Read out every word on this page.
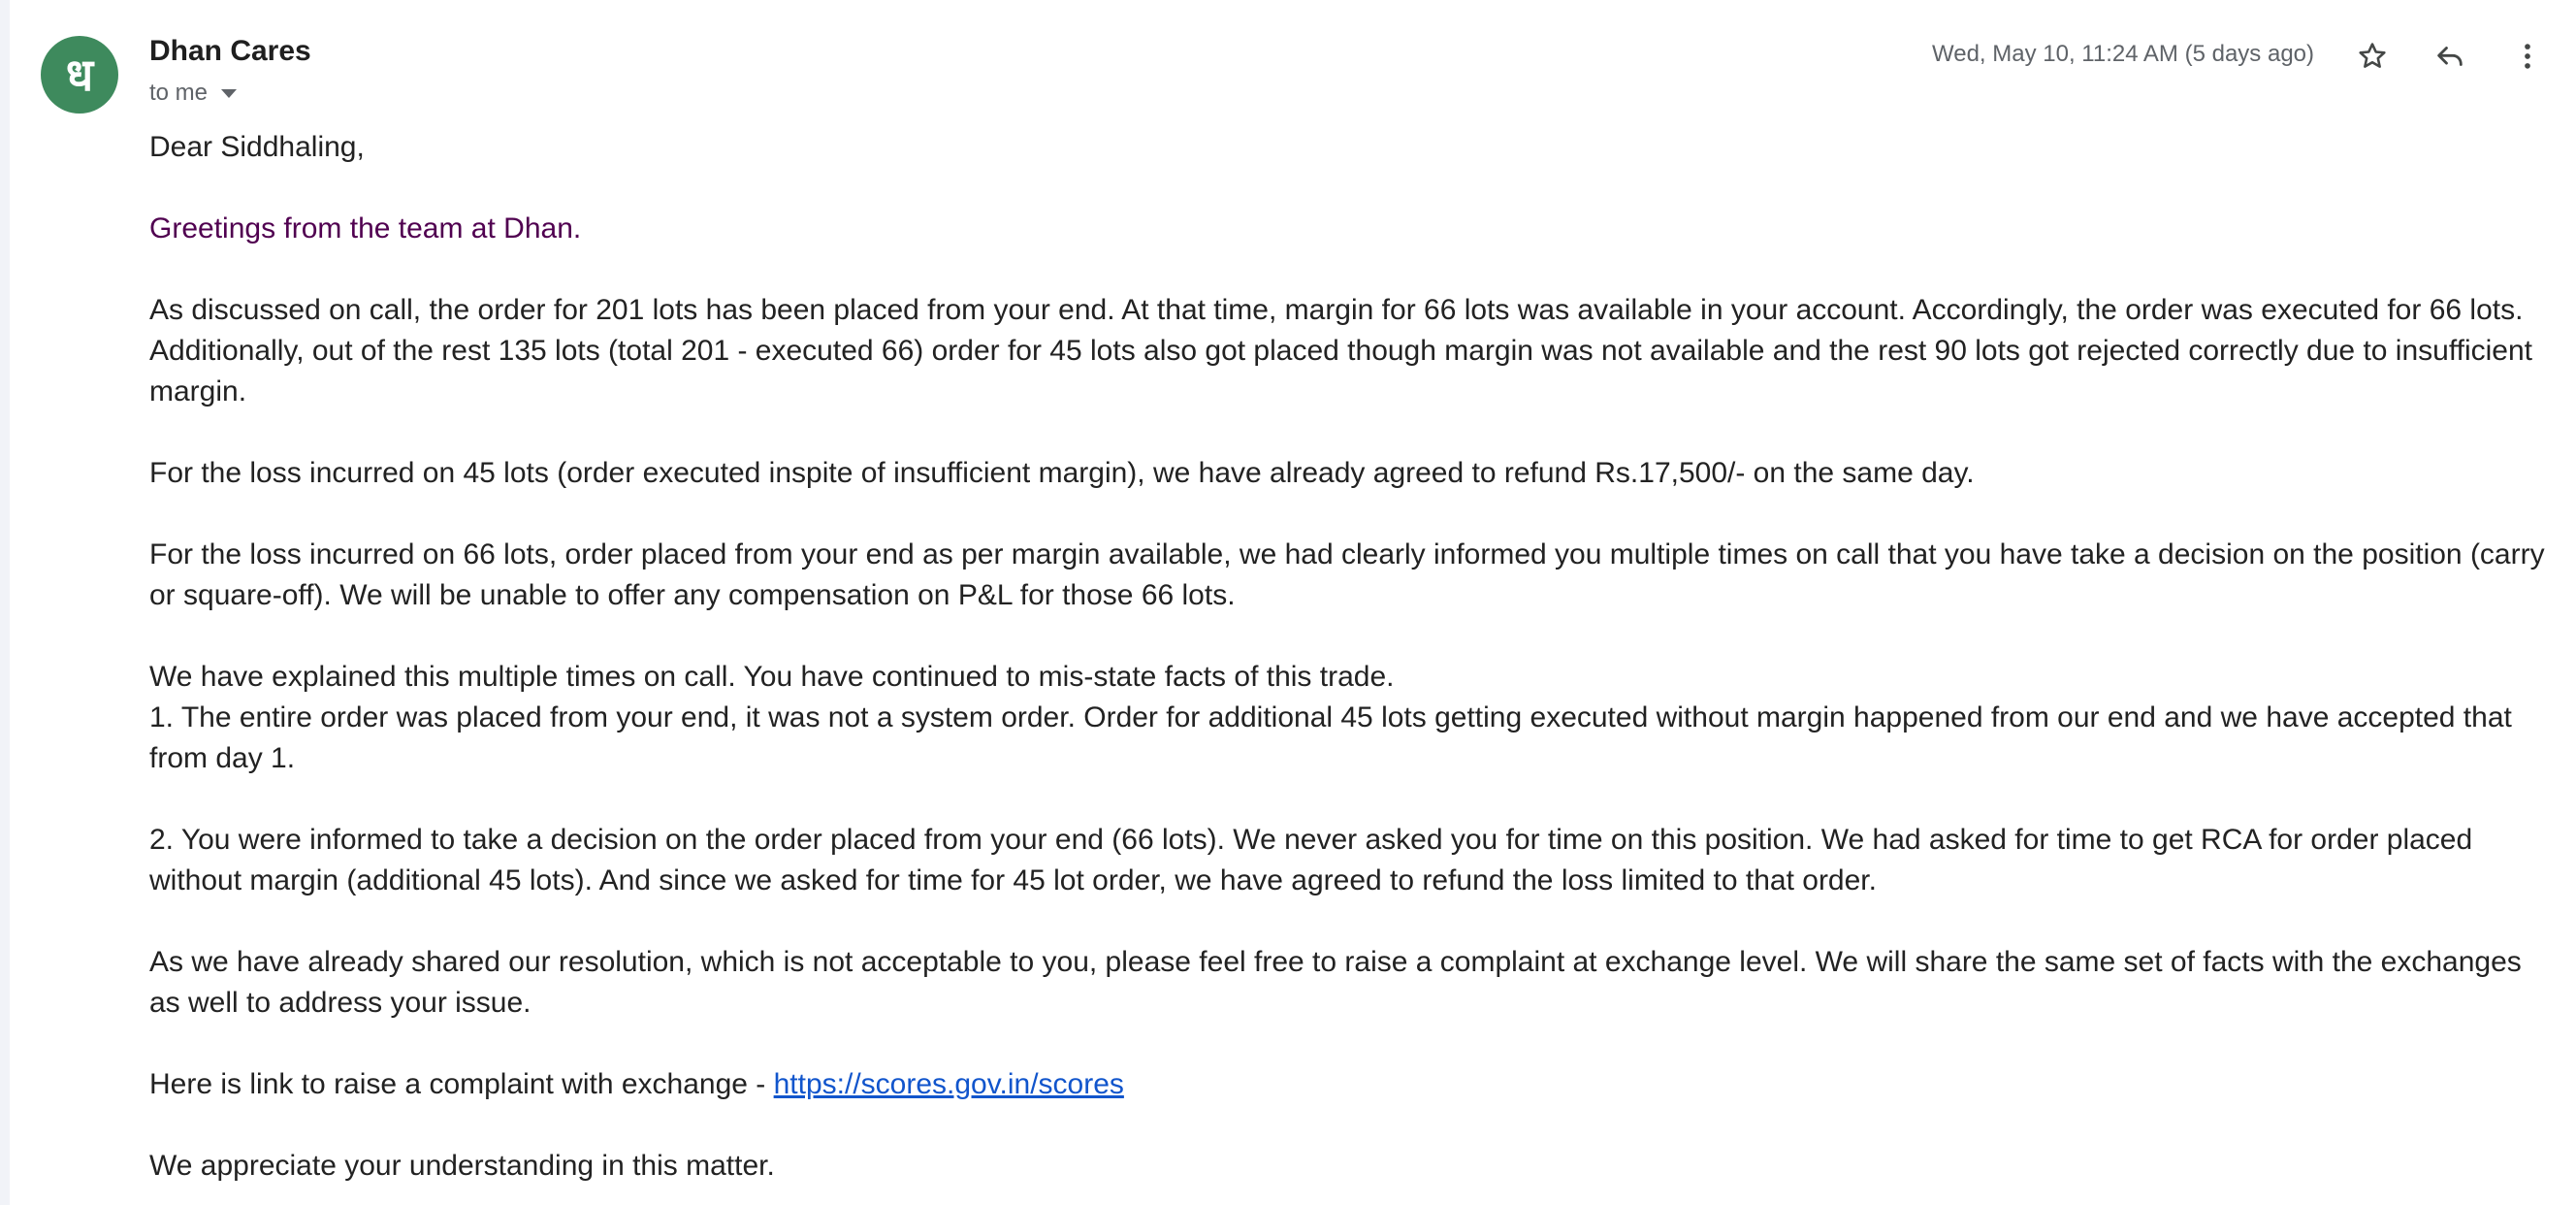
ध Dhan Cares
to me
Wed, May 10, 11:24 AM (5 days ago)

Dear Siddhaling,

Greetings from the team at Dhan.

As discussed on call, the order for 201 lots has been placed from your end. At that time, margin for 66 lots was available in your account. Accordingly, the order was executed for 66 lots. Additionally, out of the rest 135 lots (total 201 - executed 66) order for 45 lots also got placed though margin was not available and the rest 90 lots got rejected correctly due to insufficient margin.

For the loss incurred on 45 lots (order executed inspite of insufficient margin), we have already agreed to refund Rs.17,500/- on the same day.

For the loss incurred on 66 lots, order placed from your end as per margin available, we had clearly informed you multiple times on call that you have take a decision on the position (carry or square-off). We will be unable to offer any compensation on P&L for those 66 lots.

We have explained this multiple times on call. You have continued to mis-state facts of this trade.

1. The entire order was placed from your end, it was not a system order. Order for additional 45 lots getting executed without margin happened from our end and we have accepted that from day 1.

2. You were informed to take a decision on the order placed from your end (66 lots). We never asked you for time on this position. We had asked for time to get RCA for order placed without margin (additional 45 lots). And since we asked for time for 45 lot order, we have agreed to refund the loss limited to that order.

As we have already shared our resolution, which is not acceptable to you, please feel free to raise a complaint at exchange level. We will share the same set of facts with the exchanges as well to address your issue.

Here is link to raise a complaint with exchange - https://scores.gov.in/scores

We appreciate your understanding in this matter.
